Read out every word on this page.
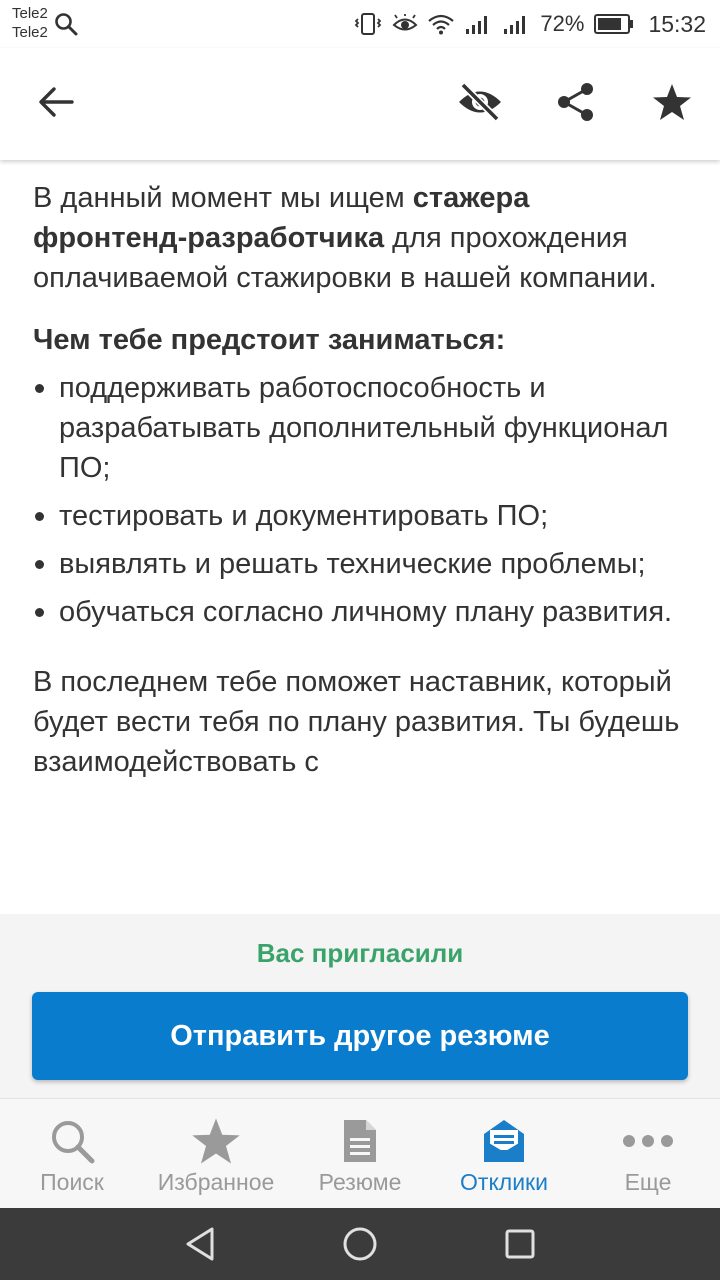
Tele2
Tele2	72%	15:32

В данный момент мы ищем стажера фронтенд-разработчика для прохождения оплачиваемой стажировки в нашей компании.

Чем тебе предстоит заниматься:
поддерживать работоспособность и разрабатывать дополнительный функционал ПО;
тестировать и документировать ПО;
выявлять и решать технические проблемы;
обучаться согласно личному плану развития.

В последнем тебе поможет наставник, который будет вести тебя по плану развития. Ты будешь взаимодействовать с

Вас пригласили
Отправить другое резюме
Поиск	Избранное	Резюме	Отклики	Еще
